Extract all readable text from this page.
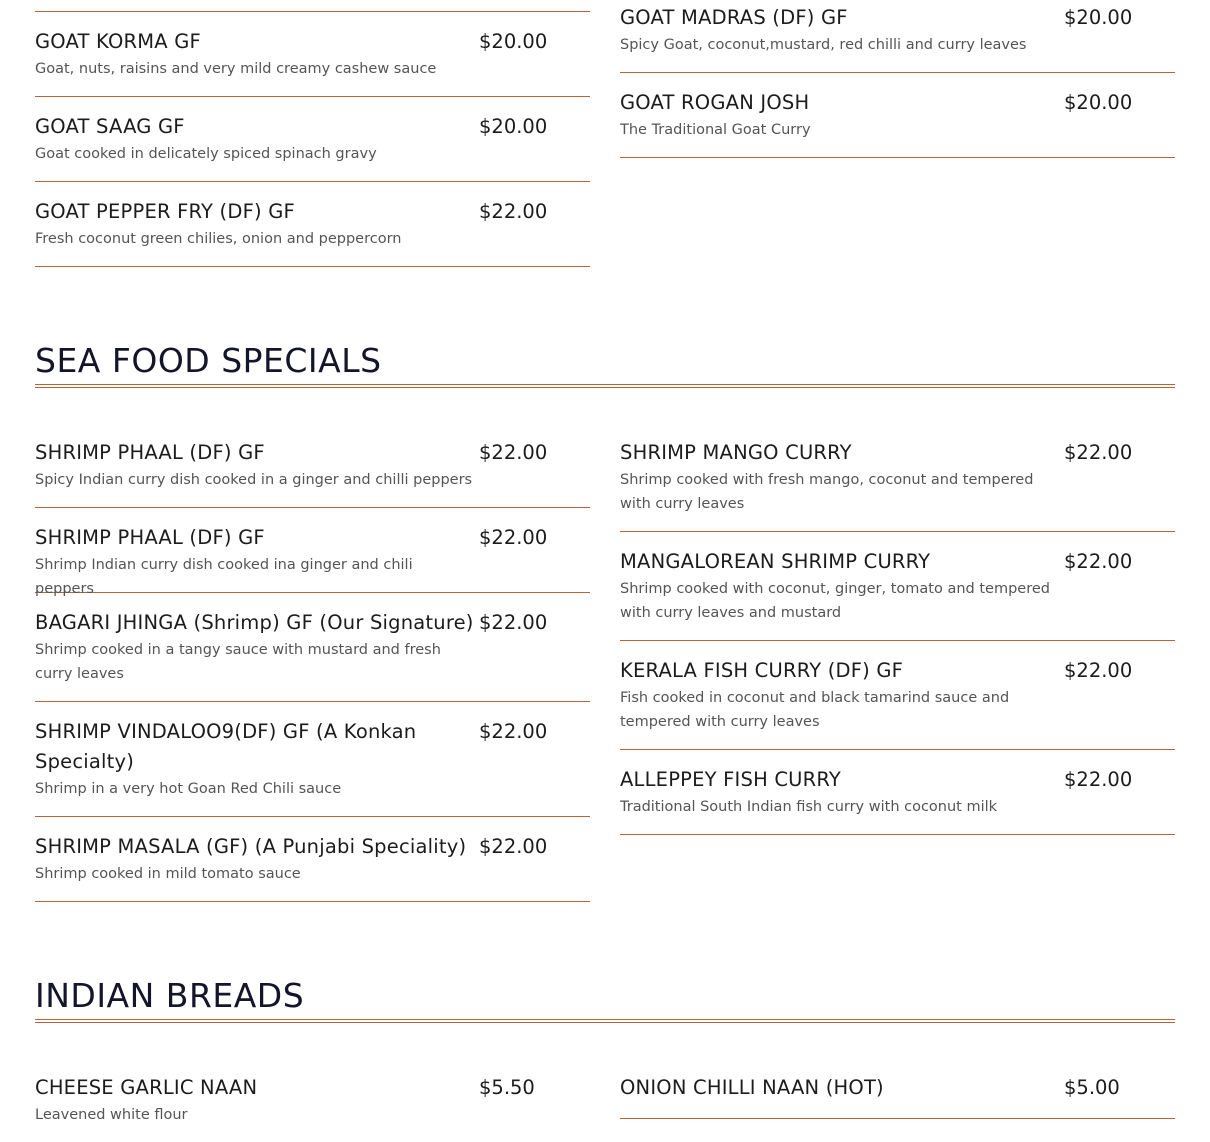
GOAT KORMA GF	$20.00
Goat, nuts, raisins and very mild creamy cashew sauce
GOAT SAAG GF	$20.00
Goat cooked in delicately spiced spinach gravy
GOAT PEPPER FRY (DF) GF	$22.00
Fresh coconut green chilies, onion and peppercorn
GOAT MADRAS (DF) GF	$20.00
Spicy Goat, coconut,mustard, red chilli and curry leaves
GOAT ROGAN JOSH	$20.00
The Traditional Goat Curry
SEA FOOD SPECIALS
SHRIMP PHAAL (DF) GF	$22.00
Spicy Indian curry dish cooked in a ginger and chilli peppers
SHRIMP PHAAL (DF) GF	$22.00
Shrimp Indian curry dish cooked ina ginger and chili peppers
BAGARI JHINGA (Shrimp) GF (Our Signature) $22.00
Shrimp cooked in a tangy sauce with mustard and fresh curry leaves
SHRIMP VINDALOO9(DF) GF (A Konkan Specialty)
$22.00
Shrimp in a very hot Goan Red Chili sauce
SHRIMP MASALA (GF) (A Punjabi Speciality) $22.00
Shrimp cooked in mild tomato sauce
SHRIMP MANGO CURRY	$22.00
Shrimp cooked with fresh mango, coconut and tempered with curry leaves
MANGALOREAN SHRIMP CURRY	$22.00
Shrimp cooked with coconut, ginger, tomato and tempered with curry leaves and mustard
KERALA FISH CURRY (DF) GF	$22.00
Fish cooked in coconut and black tamarind sauce and tempered with curry leaves
ALLEPPEY FISH CURRY	$22.00
Traditional South Indian fish curry with coconut milk
INDIAN BREADS
CHEESE GARLIC NAAN	$5.50
Leavened white flour
ONION CHILLI NAAN (HOT)	$5.00
